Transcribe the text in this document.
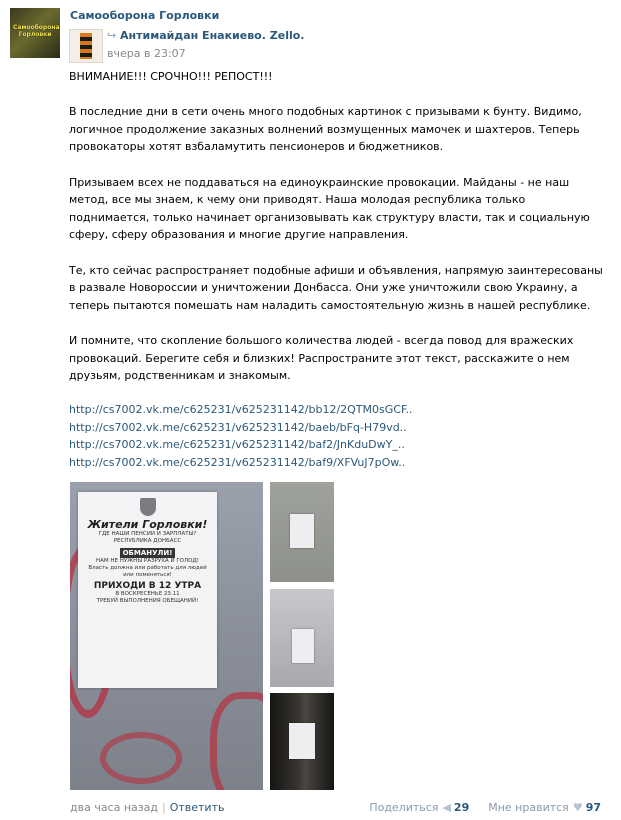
Самооборона Горловки
Самооборона Горловки
↪ Антимайдан Енакиево. Zello.
вчера в 23:07

ВНИМАНИЕ!!! СРОЧНО!!! РЕПОСТ!!!

В последние дни в сети очень много подобных картинок с призывами к бунту. Видимо, логичное продолжение заказных волнений возмущенных мамочек и шахтеров. Теперь провокаторы хотят взбаламутить пенсионеров и бюджетников.

Призываем всех не поддаваться на единоукраинские провокации. Майданы - не наш метод, все мы знаем, к чему они приводят. Наша молодая республика только поднимается, только начинает организовывать как структуру власти, так и социальную сферу, сферу образования и многие другие направления.

Те, кто сейчас распространяет подобные афиши и объявления, напрямую заинтересованы в развале Новороссии и уничтожении Донбасса. Они уже уничтожили свою Украину, а теперь пытаются помешать нам наладить самостоятельную жизнь в нашей республике.

И помните, что скопление большого количества людей - всегда повод для вражеских провокаций. Берегите себя и близких! Распространите этот текст, расскажите о нем друзьям, родственникам и знакомым.

http://cs7002.vk.me/c625231/v625231142/bb12/2QTM0sGCF..
http://cs7002.vk.me/c625231/v625231142/baeb/bFq-H79vd..
http://cs7002.vk.me/c625231/v625231142/baf2/JnKduDwY_..
http://cs7002.vk.me/c625231/v625231142/baf9/XFVuJ7pOw..
Жители Горловки!
ГДЕ НАШИ ПЕНСИИ И ЗАРПЛАТЫ?
РЕСПУБЛИКА ДОНБАСС
ОБМАНУЛИ!
НАМ НЕ НУЖНЫ РАЗРУХА И ГОЛОД!
Власть должна или работать для людей или поменяться!
ПРИХОДИ В 12 УТРА
В ВОСКРЕСЕНЬЕ 23.11
ТРЕБУЙ ВЫПОЛНЕНИЯ ОБЕЩАНИЙ!
два часа назад | Ответить	Поделиться ◀ 29 Мне нравится ♥ 97
